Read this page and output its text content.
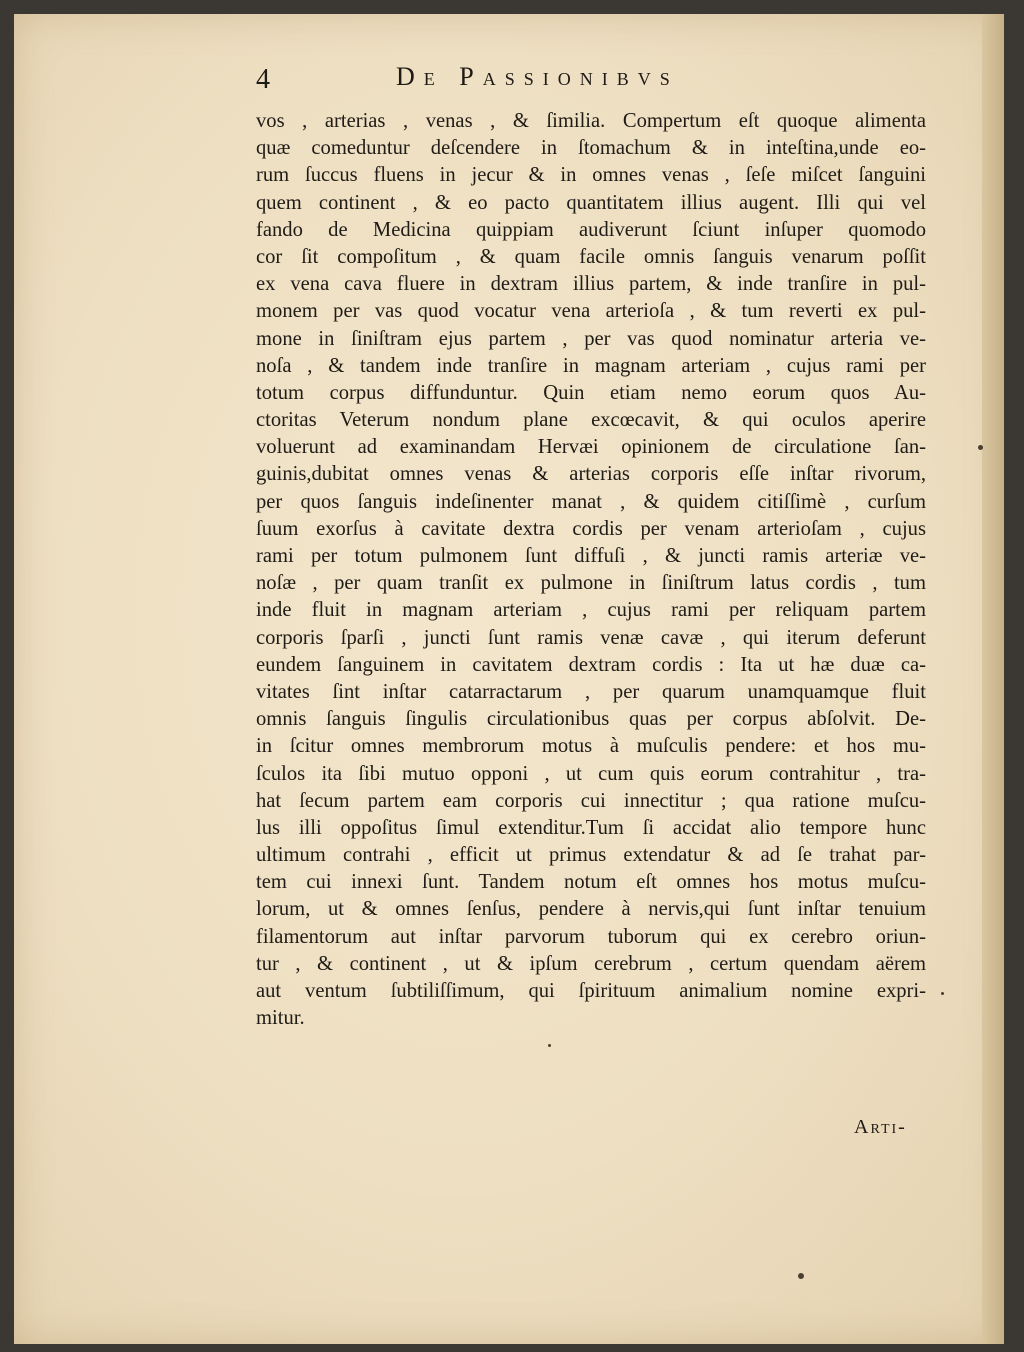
4	De Passionibvs
vos , arterias , venas , & ſimilia. Compertum eſt quoque alimenta
quæ comeduntur deſcendere in ſtomachum & in inteſtina,unde eo-
rum ſuccus fluens in jecur & in omnes venas , ſeſe miſcet ſanguini
quem continent , & eo pacto quantitatem illius augent. Illi qui vel
fando de Medicina quippiam audiverunt ſciunt inſuper quomodo
cor ſit compoſitum , & quam facile omnis ſanguis venarum poſſit
ex vena cava fluere in dextram illius partem, & inde tranſire in pul-
monem per vas quod vocatur vena arterioſa , & tum reverti ex pul-
mone in ſiniſtram ejus partem , per vas quod nominatur arteria ve-
noſa , & tandem inde tranſire in magnam arteriam , cujus rami per
totum corpus diffunduntur. Quin etiam nemo eorum quos Au-
ctoritas Veterum nondum plane excœcavit, & qui oculos aperire
voluerunt ad examinandam Hervæi opinionem de circulatione ſan-
guinis,dubitat omnes venas & arterias corporis eſſe inſtar rivorum,
per quos ſanguis indeſinenter manat , & quidem citiſſimè , curſum
ſuum exorſus à cavitate dextra cordis per venam arterioſam , cujus
rami per totum pulmonem ſunt diffuſi , & juncti ramis arteriæ ve-
noſæ , per quam tranſit ex pulmone in ſiniſtrum latus cordis , tum
inde fluit in magnam arteriam , cujus rami per reliquam partem
corporis ſparſi , juncti ſunt ramis venæ cavæ , qui iterum deferunt
eundem ſanguinem in cavitatem dextram cordis : Ita ut hæ duæ ca-
vitates ſint inſtar catarractarum , per quarum unamquamque fluit
omnis ſanguis ſingulis circulationibus quas per corpus abſolvit. De-
in ſcitur omnes membrorum motus à muſculis pendere: et hos mu-
ſculos ita ſibi mutuo opponi , ut cum quis eorum contrahitur , tra-
hat ſecum partem eam corporis cui innectitur ; qua ratione muſcu-
lus illi oppoſitus ſimul extenditur.Tum ſi accidat alio tempore hunc
ultimum contrahi , efficit ut primus extendatur & ad ſe trahat par-
tem cui innexi ſunt. Tandem notum eſt omnes hos motus muſcu-
lorum, ut & omnes ſenſus, pendere à nervis,qui ſunt inſtar tenuium
filamentorum aut inſtar parvorum tuborum qui ex cerebro oriun-
tur , & continent , ut & ipſum cerebrum , certum quendam aërem
aut ventum ſubtiliſſimum, qui ſpirituum animalium nomine expri-
mitur.
Arti-
